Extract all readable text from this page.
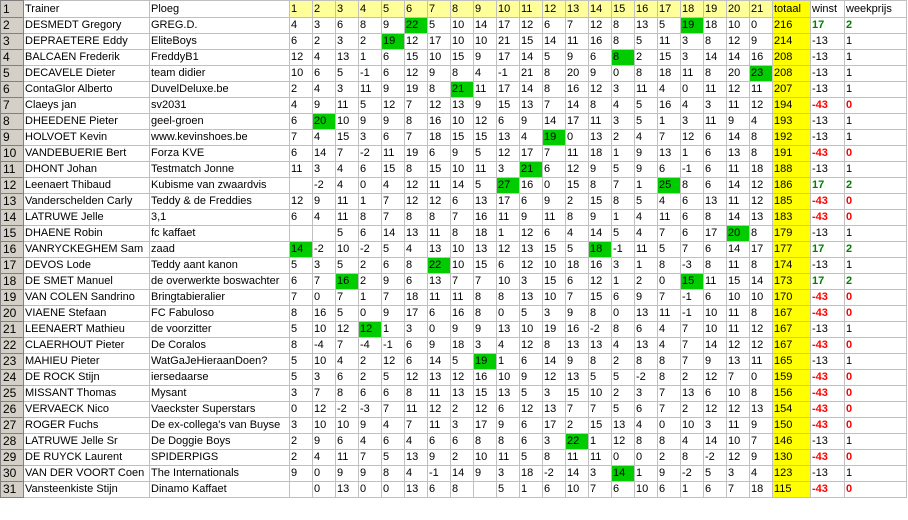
1	Trainer	Ploeg	1	2	3	4	5	6	7	8	9	10	11	12	13	14	15	16	17	18	19	20	21	totaal	winst	weekprijs
2	DESMEDT Gregory	GREG.D.	4	3	6	8	9	22	5	10	14	17	12	6	7	12	8	13	5	19	18	10	0	216	17	2
3	DEPRAETERE Eddy	EliteBoys	6	2	3	2	19	12	17	10	10	21	15	14	11	16	8	5	11	3	8	12	9	214	-13	1
4	BALCAEN Frederik	FreddyB1	12	4	13	1	6	15	10	15	9	17	14	5	9	6	8	2	15	3	14	14	16	208	-13	1
5	DECAVELE Dieter	team didier	10	6	5	-1	6	12	9	8	4	-1	21	8	20	9	0	8	18	11	8	20	23	208	-13	1
6	ContaGlor Alberto	DuvelDeluxe.be	2	4	3	11	9	19	8	21	11	17	14	8	16	12	3	11	4	0	11	12	11	207	-13	1
7	Claeys jan	sv2031	4	9	11	5	12	7	12	13	9	15	13	7	14	8	4	5	16	4	3	11	12	194	-43	0
8	DHEEDENE Pieter	geel-groen	6	20	10	9	9	8	16	10	12	6	9	14	17	11	3	5	1	3	11	9	4	193	-13	1
9	HOLVOET Kevin	www.kevinshoes.be	7	4	15	3	6	7	18	15	15	13	4	19	0	13	2	4	7	12	6	14	8	192	-13	1
10	VANDEBUERIE Bert	Forza KVE	6	14	7	-2	11	19	6	9	5	12	17	7	11	18	1	9	13	1	6	13	8	191	-43	0
11	DHONT Johan	Testmatch Jonne	11	3	4	6	15	8	15	10	11	3	21	6	12	9	5	9	6	-1	6	11	18	188	-13	1
12	Leenaert Thibaud	Kubisme van zwaardvis		-2	4	0	4	12	11	14	5	27	16	0	15	8	7	1	25	8	6	14	12	186	17	2
13	Vanderschelden Carly	Teddy & de Freddies	12	9	11	1	7	12	12	6	13	17	6	9	2	15	8	5	4	6	13	11	12	185	-43	0
14	LATRUWE Jelle	3,1	6	4	11	8	7	8	8	7	16	11	9	11	8	9	1	4	11	6	8	14	13	183	-43	0
15	DHAENE Robin	fc kaffaet			5	6	14	13	11	8	18	1	12	6	4	14	5	4	7	6	17	20	8	179	-13	1
16	VANRYCKEGHEM Sam	zaad	14	-2	10	-2	5	4	13	10	13	12	13	15	5	18	-1	11	5	7	6	14	17	177	17	2
17	DEVOS Lode	Teddy aant kanon	5	3	5	2	6	8	22	10	15	6	12	10	18	16	3	1	8	-3	8	11	8	174	-13	1
18	DE SMET Manuel	de overwerkte boswachter	6	7	16	2	9	6	13	7	7	10	3	15	6	12	1	2	0	15	11	15	14	173	17	2
19	VAN COLEN Sandrino	Bringtabieralier	7	0	7	1	7	18	11	11	8	8	13	10	7	15	6	9	7	-1	6	10	10	170	-43	0
20	VIAENE Stefaan	FC Fabuloso	8	16	5	0	9	17	6	16	8	0	5	3	9	8	0	13	11	-1	10	11	8	167	-43	0
21	LEENAERT Mathieu	de voorzitter	5	10	12	12	1	3	0	9	9	13	10	19	16	-2	8	6	4	7	10	11	12	167	-13	1
22	CLAERHOUT Pieter	De Coralos	8	-4	7	-4	-1	6	9	18	3	4	12	8	13	13	4	13	4	7	14	12	12	167	-43	0
23	MAHIEU Pieter	WatGaJeHieraanDoen?	5	10	4	2	12	6	14	5	19	1	6	14	9	8	2	8	8	7	9	13	11	165	-13	1
24	DE ROCK Stijn	iersedaarse	5	3	6	2	5	12	13	12	16	10	9	12	13	5	5	-2	8	2	12	7	0	159	-43	0
25	MISSANT Thomas	Mysant	3	7	8	6	6	8	11	13	15	13	5	3	15	10	2	3	7	13	6	10	8	156	-43	0
26	VERVAECK Nico	Vaeckster Superstars	0	12	-2	-3	7	11	12	2	12	6	12	13	7	7	5	6	7	2	12	12	13	154	-43	0
27	ROGER Fuchs	De ex-collega's van Buyse	3	10	10	9	4	7	11	3	17	9	6	17	2	15	13	4	0	10	3	11	9	150	-43	0
28	LATRUWE Jelle Sr	De Doggie Boys	2	9	6	4	6	4	6	6	8	8	6	3	22	1	12	8	8	4	14	10	7	146	-13	1
29	DE RUYCK Laurent	SPIDERPIGS	2	4	11	7	5	13	9	2	10	11	5	8	11	11	0	0	2	8	-2	12	9	130	-43	0
30	VAN DER VOORT Coen	The Internationals	9	0	9	9	8	4	-1	14	9	3	18	-2	14	3	14	1	9	-2	5	3	4	123	-13	1
31	Vansteenkiste Stijn	Dinamo Kaffaet		0	13	0	0	13	6	8		5	1	6	10	7	6	10	6	1	6	7	18	115	-43	0
